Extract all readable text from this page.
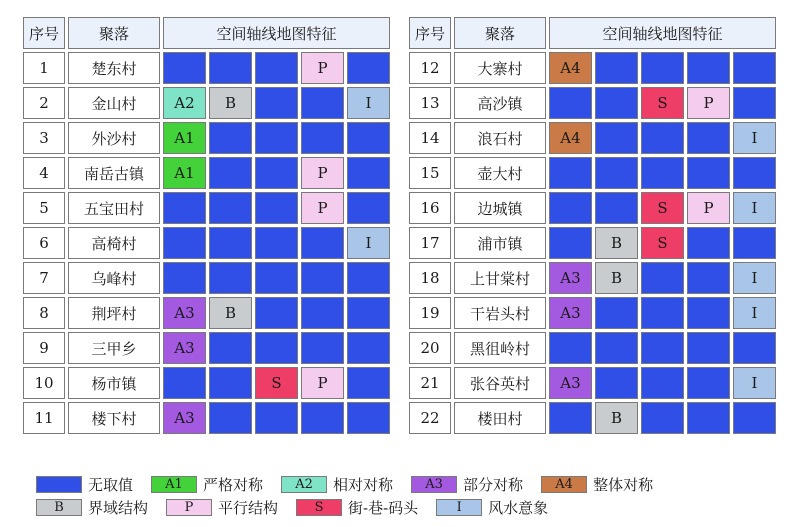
序号	聚落	空间轴线地图特征				
1	楚东村				P	
2	金山村	A2	B			I
3	外沙村	A1				
4	南岳古镇	A1			P	
5	五宝田村				P	
6	高椅村					I
7	乌峰村					
8	荆坪村	A3	B			
9	三甲乡	A3				
10	杨市镇			S	P	
11	楼下村	A3				
序号	聚落	空间轴线地图特征				
12	大寨村	A4				
13	高沙镇			S	P	
14	浪石村	A4				I
15	壶大村					
16	边城镇			S	P	I
17	浦市镇		B	S		
18	上甘棠村	A3	B			I
19	干岩头村	A3				I
20	黑徂岭村					
21	张谷英村	A3				I
22	楼田村		B			
无取值	A1	严格对称	A2	相对对称	A3	部分对称	A4	整体对称
B	界域结构	P	平行结构	S	街-巷-码头	I	风水意象
